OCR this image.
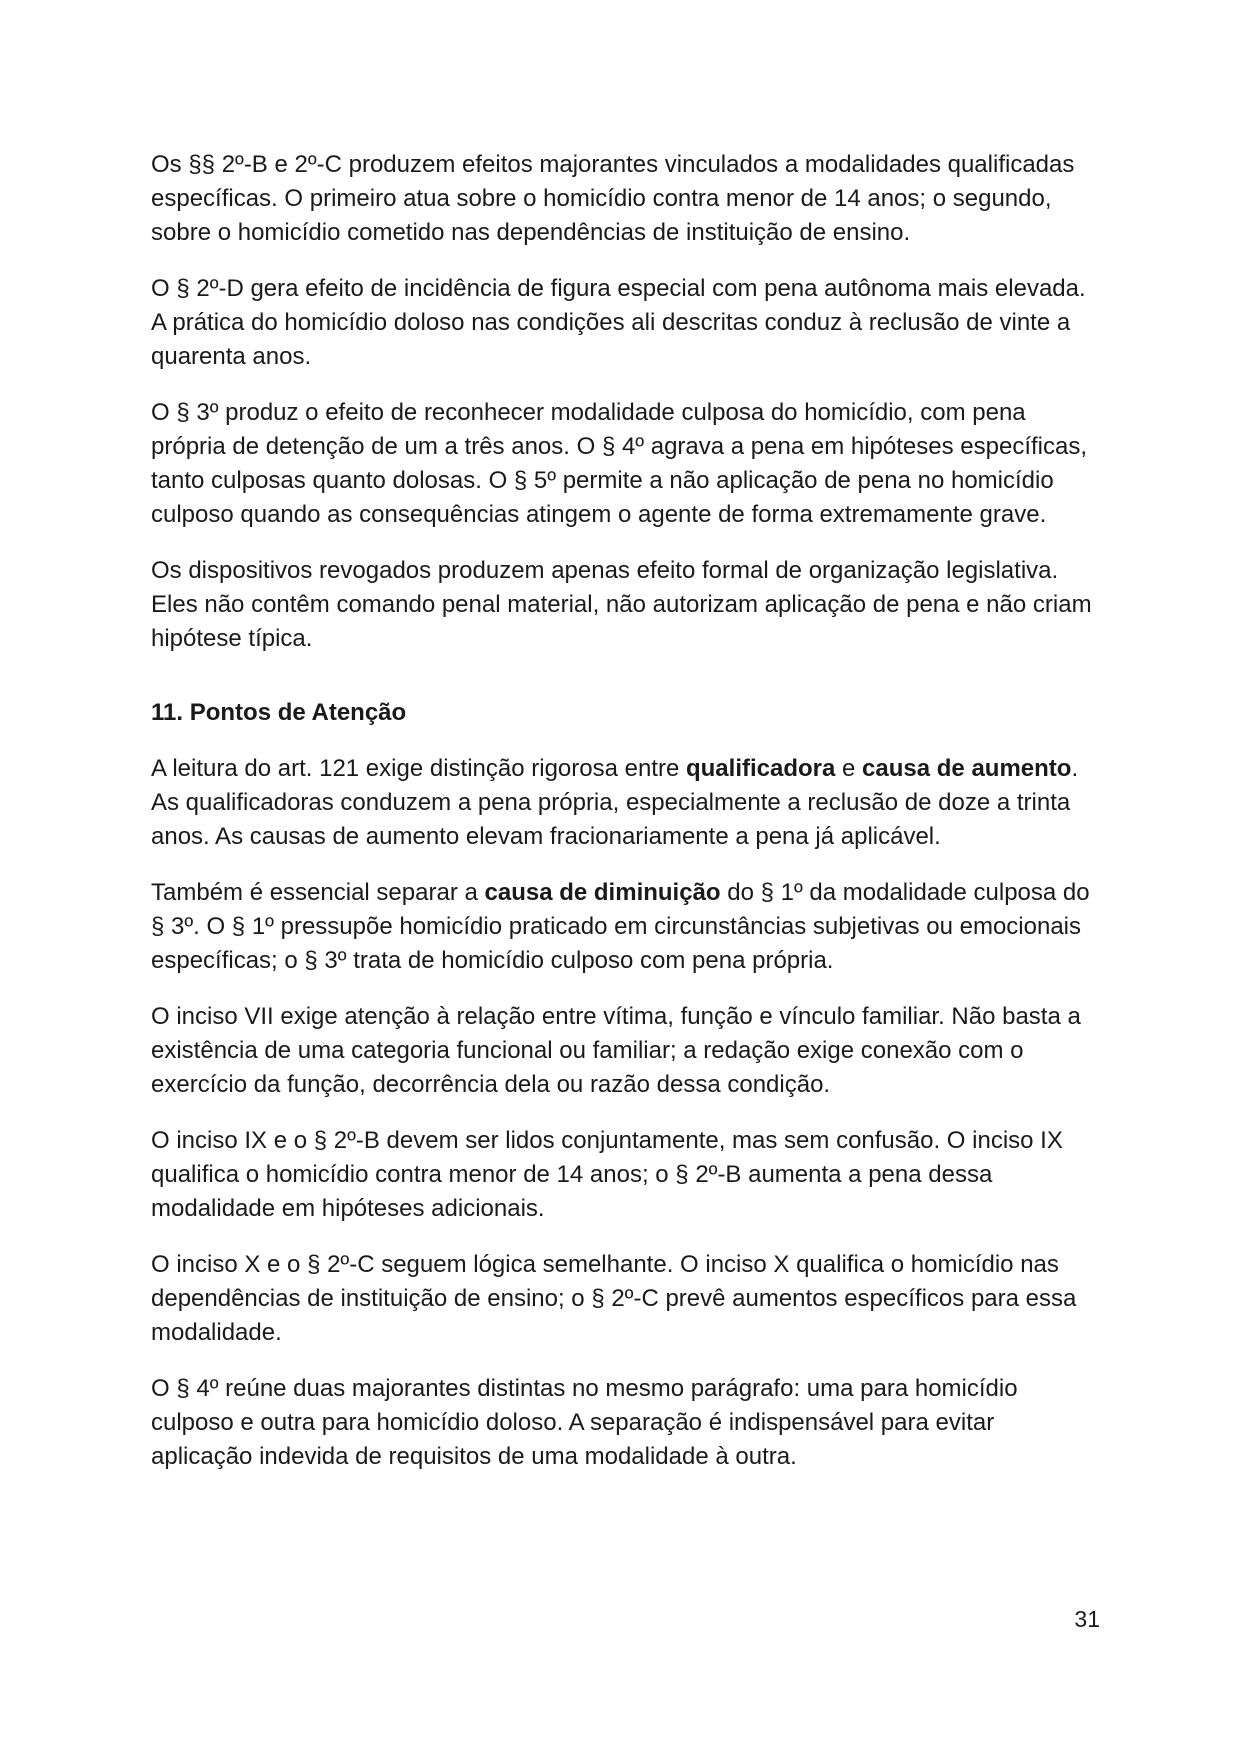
Os §§ 2º-B e 2º-C produzem efeitos majorantes vinculados a modalidades qualificadas específicas. O primeiro atua sobre o homicídio contra menor de 14 anos; o segundo, sobre o homicídio cometido nas dependências de instituição de ensino.

O § 2º-D gera efeito de incidência de figura especial com pena autônoma mais elevada. A prática do homicídio doloso nas condições ali descritas conduz à reclusão de vinte a quarenta anos.

O § 3º produz o efeito de reconhecer modalidade culposa do homicídio, com pena própria de detenção de um a três anos. O § 4º agrava a pena em hipóteses específicas, tanto culposas quanto dolosas. O § 5º permite a não aplicação de pena no homicídio culposo quando as consequências atingem o agente de forma extremamente grave.

Os dispositivos revogados produzem apenas efeito formal de organização legislativa. Eles não contêm comando penal material, não autorizam aplicação de pena e não criam hipótese típica.

11. Pontos de Atenção

A leitura do art. 121 exige distinção rigorosa entre qualificadora e causa de aumento. As qualificadoras conduzem a pena própria, especialmente a reclusão de doze a trinta anos. As causas de aumento elevam fracionariamente a pena já aplicável.

Também é essencial separar a causa de diminuição do § 1º da modalidade culposa do § 3º. O § 1º pressupõe homicídio praticado em circunstâncias subjetivas ou emocionais específicas; o § 3º trata de homicídio culposo com pena própria.

O inciso VII exige atenção à relação entre vítima, função e vínculo familiar. Não basta a existência de uma categoria funcional ou familiar; a redação exige conexão com o exercício da função, decorrência dela ou razão dessa condição.

O inciso IX e o § 2º-B devem ser lidos conjuntamente, mas sem confusão. O inciso IX qualifica o homicídio contra menor de 14 anos; o § 2º-B aumenta a pena dessa modalidade em hipóteses adicionais.

O inciso X e o § 2º-C seguem lógica semelhante. O inciso X qualifica o homicídio nas dependências de instituição de ensino; o § 2º-C prevê aumentos específicos para essa modalidade.

O § 4º reúne duas majorantes distintas no mesmo parágrafo: uma para homicídio culposo e outra para homicídio doloso. A separação é indispensável para evitar aplicação indevida de requisitos de uma modalidade à outra.

31
